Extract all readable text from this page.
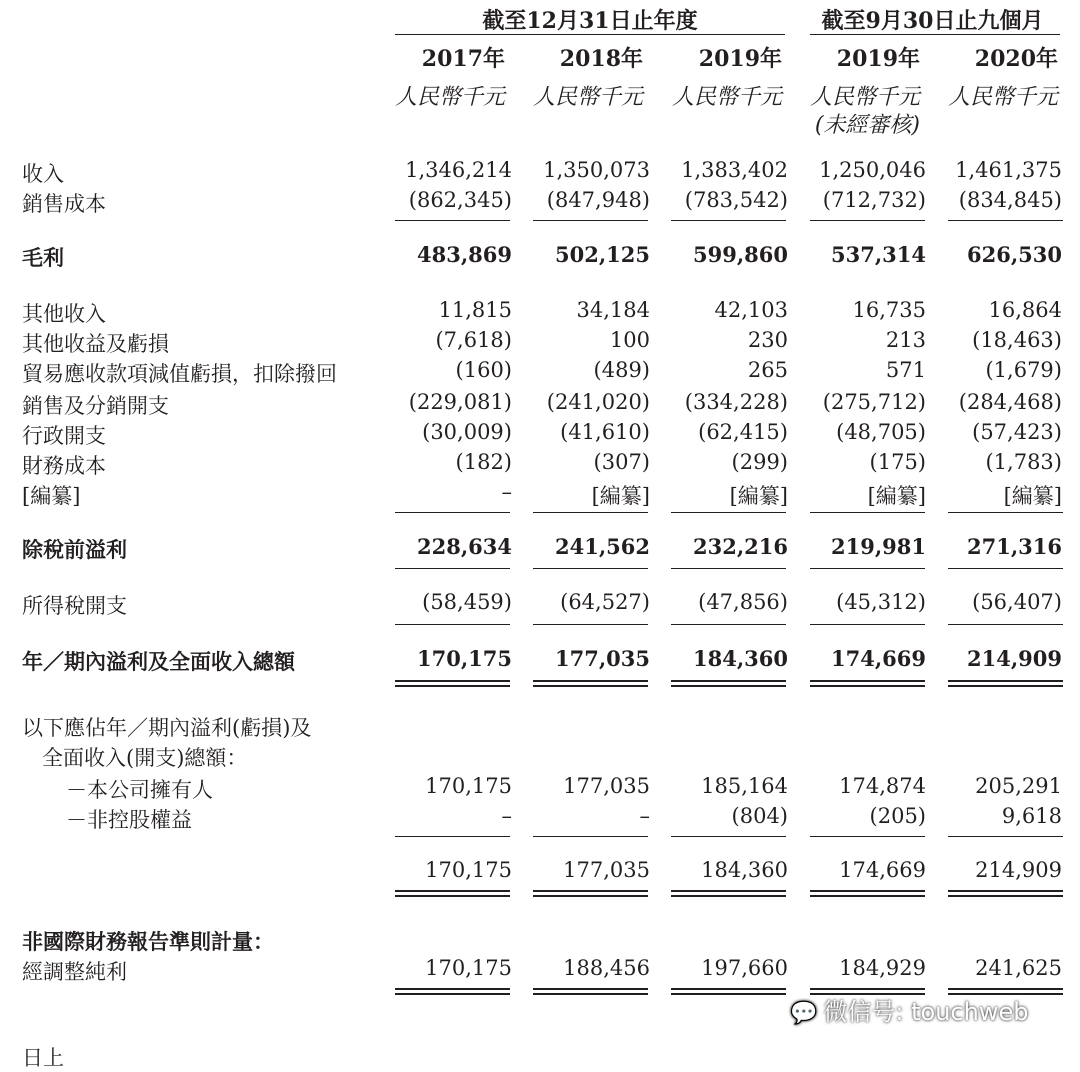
截至12月31日止年度	截至9月30日止九個月
2017年	2018年	2019年	2019年	2020年
人民幣千元	人民幣千元	人民幣千元	人民幣千元	人民幣千元
(未經審核)
收入	1,346,214	1,350,073	1,383,402	1,250,046	1,461,375
銷售成本	(862,345)	(847,948)	(783,542)	(712,732)	(834,845)
毛利	483,869	502,125	599,860	537,314	626,530
其他收入	11,815	34,184	42,103	16,735	16,864
其他收益及虧損	(7,618)	100	230	213	(18,463)
貿易應收款項減值虧損，扣除撥回	(160)	(489)	265	571	(1,679)
銷售及分銷開支	(229,081)	(241,020)	(334,228)	(275,712)	(284,468)
行政開支	(30,009)	(41,610)	(62,415)	(48,705)	(57,423)
財務成本	(182)	(307)	(299)	(175)	(1,783)
[編纂]	–	[編纂]	[編纂]	[編纂]	[編纂]
除稅前溢利	228,634	241,562	232,216	219,981	271,316
所得稅開支	(58,459)	(64,527)	(47,856)	(45,312)	(56,407)
年／期內溢利及全面收入總額	170,175	177,035	184,360	174,669	214,909
以下應佔年／期內溢利(虧損)及
全面收入(開支)總額：
－本公司擁有人	170,175	177,035	185,164	174,874	205,291
－非控股權益	–	–	(804)	(205)	9,618
170,175	177,035	184,360	174,669	214,909
非國際財務報告準則計量：
經調整純利	170,175	188,456	197,660	184,929	241,625
日上
💬 微信号: touchweb
